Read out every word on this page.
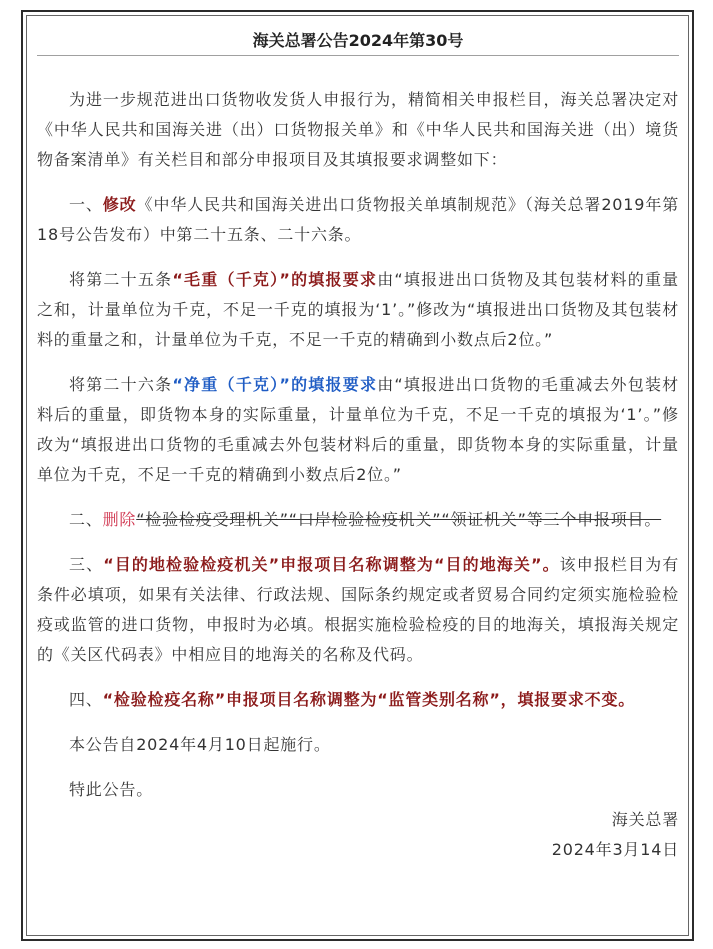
海关总署公告2024年第30号

为进一步规范进出口货物收发货人申报行为，精简相关申报栏目，海关总署决定对《中华人民共和国海关进（出）口货物报关单》和《中华人民共和国海关进（出）境货物备案清单》有关栏目和部分申报项目及其填报要求调整如下：

一、修改《中华人民共和国海关进出口货物报关单填制规范》（海关总署2019年第18号公告发布）中第二十五条、二十六条。

将第二十五条“毛重（千克）”的填报要求由“填报进出口货物及其包装材料的重量之和，计量单位为千克，不足一千克的填报为‘1’。”修改为“填报进出口货物及其包装材料的重量之和，计量单位为千克，不足一千克的精确到小数点后2位。”

将第二十六条“净重（千克）”的填报要求由“填报进出口货物的毛重减去外包装材料后的重量，即货物本身的实际重量，计量单位为千克，不足一千克的填报为‘1’。”修改为“填报进出口货物的毛重减去外包装材料后的重量，即货物本身的实际重量，计量单位为千克，不足一千克的精确到小数点后2位。”

二、删除“检验检疫受理机关”“口岸检验检疫机关”“领证机关”等三个申报项目。

三、“目的地检验检疫机关”申报项目名称调整为“目的地海关”。该申报栏目为有条件必填项，如果有关法律、行政法规、国际条约规定或者贸易合同约定须实施检验检疫或监管的进口货物，申报时为必填。根据实施检验检疫的目的地海关，填报海关规定的《关区代码表》中相应目的地海关的名称及代码。

四、“检验检疫名称”申报项目名称调整为“监管类别名称”，填报要求不变。

本公告自2024年4月10日起施行。

特此公告。

海关总署

2024年3月14日
